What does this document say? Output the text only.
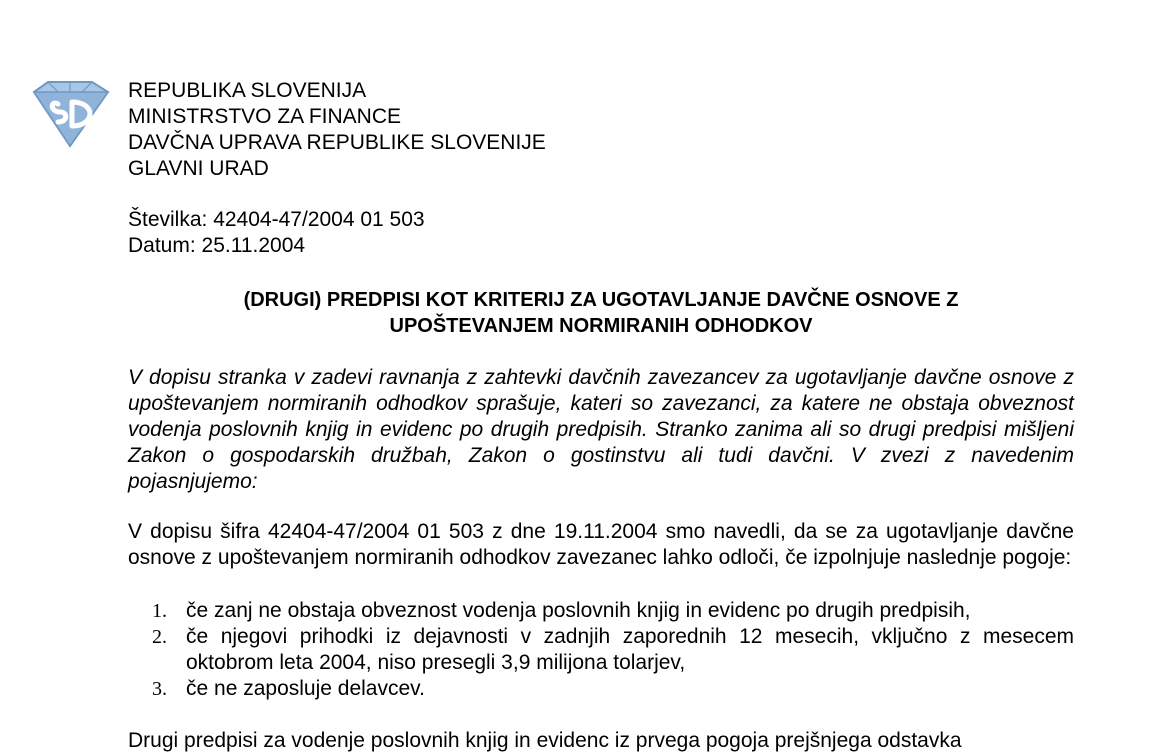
REPUBLIKA SLOVENIJA
MINISTRSTVO ZA FINANCE
DAVČNA UPRAVA REPUBLIKE SLOVENIJE
GLAVNI URAD
Številka: 42404-47/2004 01 503
Datum: 25.11.2004
(DRUGI) PREDPISI KOT KRITERIJ ZA UGOTAVLJANJE DAVČNE OSNOVE Z
UPOŠTEVANJEM NORMIRANIH ODHODKOV
V dopisu stranka v zadevi ravnanja z zahtevki davčnih zavezancev za ugotavljanje davčne osnove z upoštevanjem normiranih odhodkov sprašuje, kateri so zavezanci, za katere ne obstaja obveznost vodenja poslovnih knjig in evidenc po drugih predpisih. Stranko zanima ali so drugi predpisi mišljeni Zakon o gospodarskih družbah, Zakon o gostinstvu ali tudi davčni. V zvezi z navedenim pojasnjujemo:
V dopisu šifra 42404-47/2004 01 503 z dne 19.11.2004 smo navedli, da se za ugotavljanje davčne osnove z upoštevanjem normiranih odhodkov zavezanec lahko odloči, če izpolnjuje naslednje pogoje:
1. če zanj ne obstaja obveznost vodenja poslovnih knjig in evidenc po drugih predpisih,
2. če njegovi prihodki iz dejavnosti v zadnjih zaporednih 12 mesecih, vključno z mesecem oktobrom leta 2004, niso presegli 3,9 milijona tolarjev,
3. če ne zaposluje delavcev.
Drugi predpisi za vodenje poslovnih knjig in evidenc iz prvega pogoja prejšnjega odstavka
